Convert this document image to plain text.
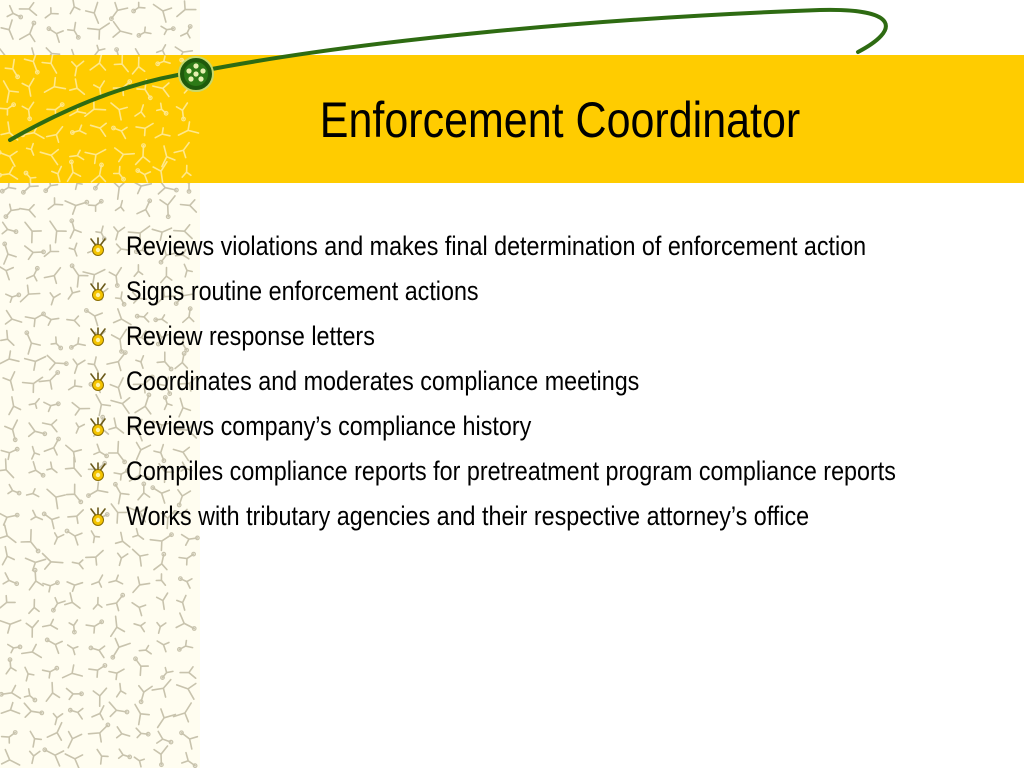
Enforcement Coordinator
Reviews violations and makes final determination of enforcement action
Signs routine enforcement actions
Review response letters
Coordinates and moderates compliance meetings
Reviews company’s compliance history
Compiles compliance reports for pretreatment program compliance reports
Works with tributary agencies and their respective attorney’s office
